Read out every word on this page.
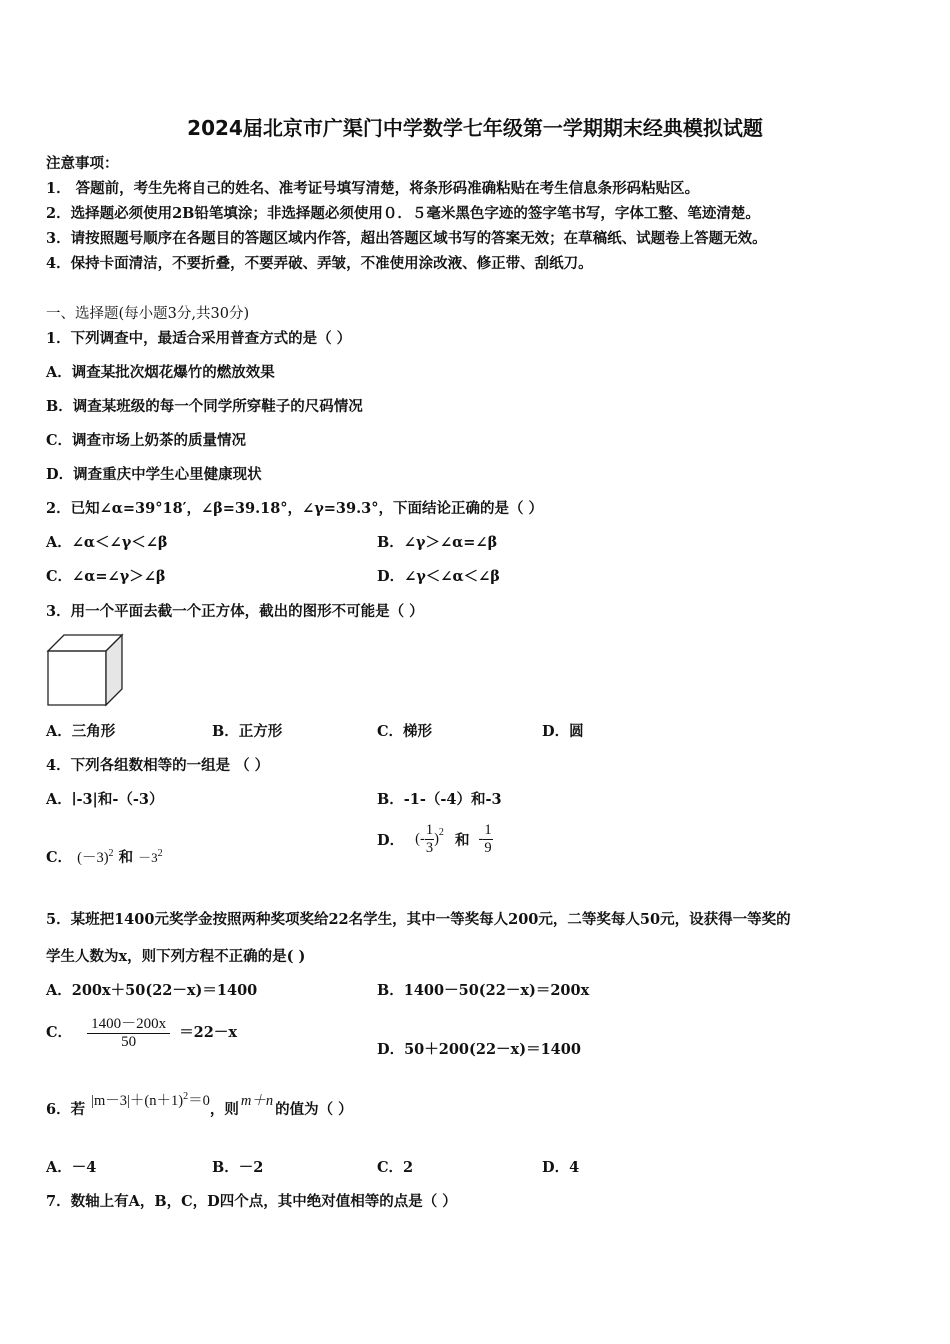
2024届北京市广渠门中学数学七年级第一学期期末经典模拟试题
注意事项：
1． 答题前，考生先将自己的姓名、准考证号填写清楚，将条形码准确粘贴在考生信息条形码粘贴区。
2．选择题必须使用2B铅笔填涂；非选择题必须使用０．５毫米黑色字迹的签字笔书写，字体工整、笔迹清楚。
3．请按照题号顺序在各题目的答题区域内作答，超出答题区域书写的答案无效；在草稿纸、试题卷上答题无效。
4．保持卡面清洁，不要折叠，不要弄破、弄皱，不准使用涂改液、修正带、刮纸刀。
一、选择题(每小题3分,共30分)
1．下列调查中，最适合采用普查方式的是（ ）
A．调查某批次烟花爆竹的燃放效果
B．调查某班级的每一个同学所穿鞋子的尺码情况
C．调查市场上奶茶的质量情况
D．调查重庆中学生心里健康现状
2．已知∠α=39°18′，∠β=39.18°，∠γ=39.3°，下面结论正确的是（ ）
A．∠α＜∠γ＜∠β	B．∠γ＞∠α=∠β
C．∠α=∠γ＞∠β	D．∠γ＜∠α＜∠β
3．用一个平面去截一个正方体，截出的图形不可能是（ ）
A．三角形	B．正方形	C．梯形	D．圆
4．下列各组数相等的一组是 （ ）
A．∣-3|和-（-3）	B．-1-（-4）和-3
C． $(-3)^2$ 和 $-3^2$
D． (- $\frac{1}{3} )2$ 和 - $\frac{1}{9}$
5．某班把1400元奖学金按照两种奖项奖给22名学生，其中一等奖每人200元，二等奖每人50元，设获得一等奖的
学生人数为x，则下列方程不正确的是( )
A．200x＋50(22－x)＝1400	B．1400－50(22－x)＝200x
C． $\frac{1400-200x}{50} =22-x$
D．50＋200(22－x)＝1400
6．若 $|m-3|+(n+1)^2=0$，则 m＋n 的值为（ ）
A．－4	B．－2	C．2	D．4
7．数轴上有A，B，C，D四个点，其中绝对值相等的点是（ ）
